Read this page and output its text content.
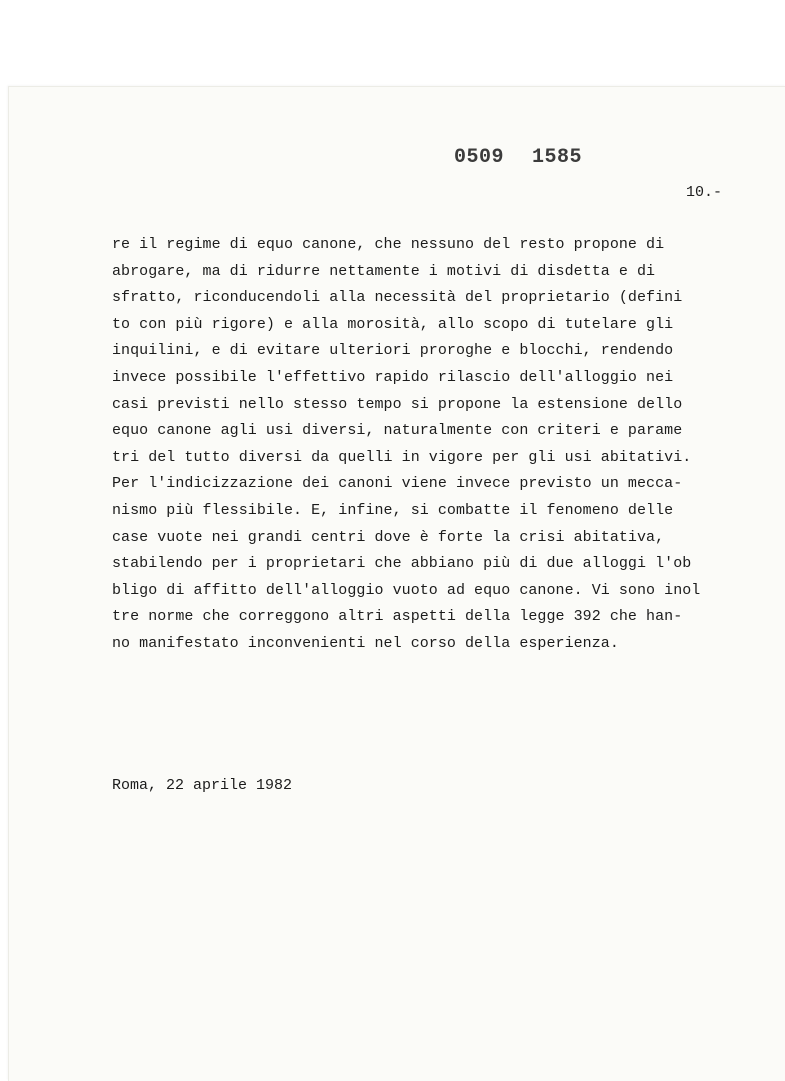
0509 1585
10.-
re il regime di equo canone, che nessuno del resto propone di
abrogare, ma di ridurre nettamente i motivi di disdetta e di
sfratto, riconducendoli alla necessità del proprietario (defini
to con più rigore) e alla morosità, allo scopo di tutelare gli
inquilini, e di evitare ulteriori proroghe e blocchi, rendendo
invece possibile l'effettivo rapido rilascio dell'alloggio nei
casi previsti nello stesso tempo si propone la estensione dello
equo canone agli usi diversi, naturalmente con criteri e parame
tri del tutto diversi da quelli in vigore per gli usi abitativi.
Per l'indicizzazione dei canoni viene invece previsto un mecca-
nismo più flessibile. E, infine, si combatte il fenomeno delle
case vuote nei grandi centri dove è forte la crisi abitativa,
stabilendo per i proprietari che abbiano più di due alloggi l'ob
bligo di affitto dell'alloggio vuoto ad equo canone. Vi sono inol
tre norme che correggono altri aspetti della legge 392 che han-
no manifestato inconvenienti nel corso della esperienza.
Roma, 22 aprile 1982
